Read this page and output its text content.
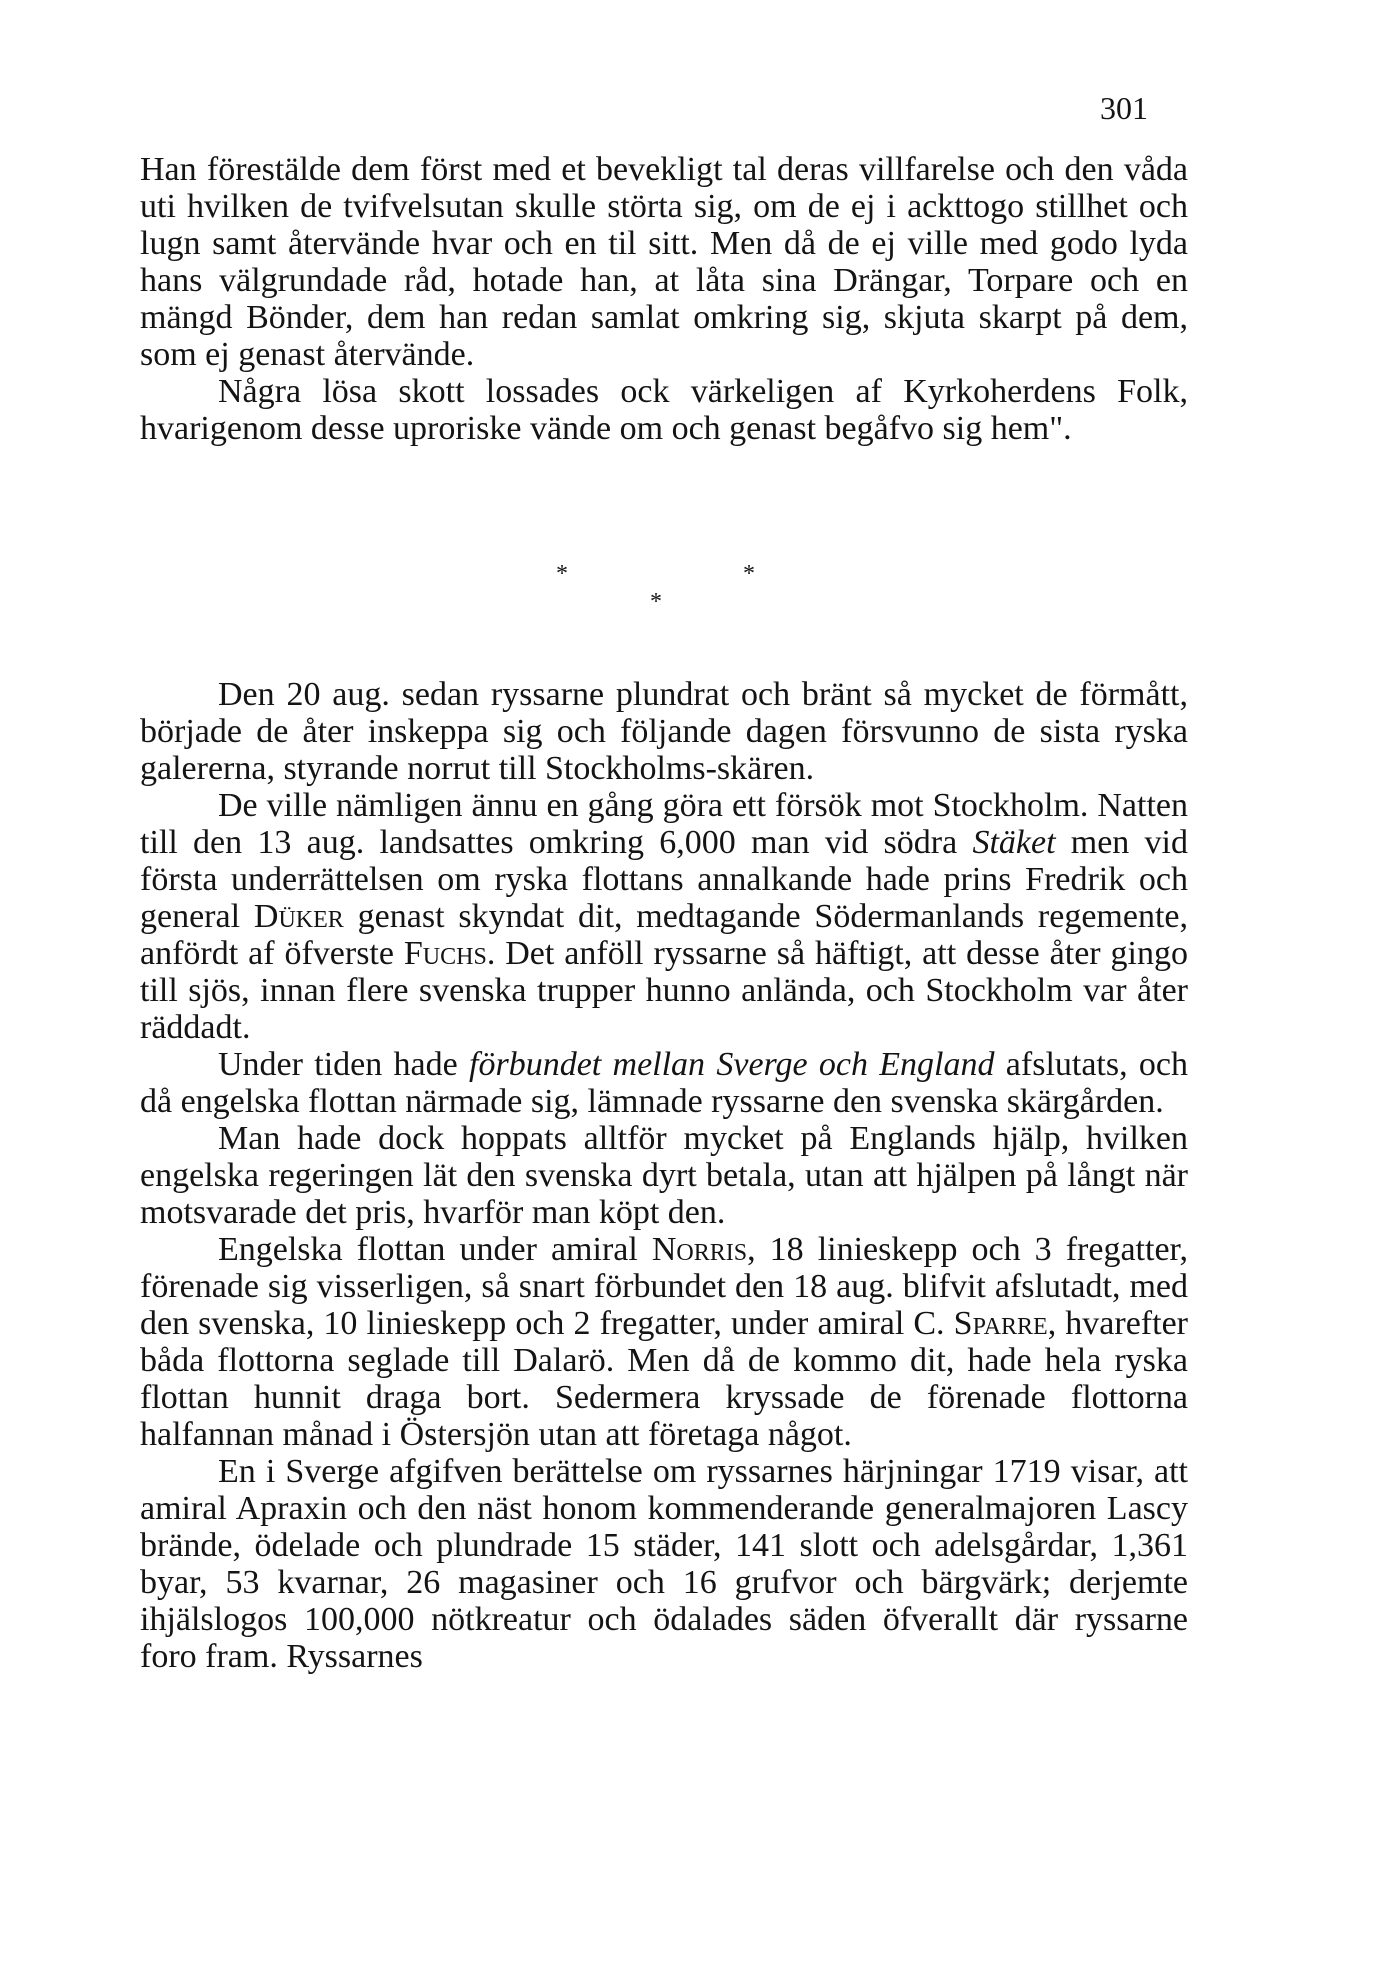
301

Han förestälde dem först med et bevekligt tal deras villfarelse och den våda uti hvilken de tvifvelsutan skulle störta sig, om de ej i ackttogo stillhet och lugn samt återvände hvar och en til sitt. Men då de ej ville med godo lyda hans välgrundade råd, hotade han, at låta sina Drängar, Torpare och en mängd Bönder, dem han redan samlat omkring sig, skjuta skarpt på dem, som ej genast återvände.

Några lösa skott lossades ock värkeligen af Kyrkoherdens Folk, hvarigenom desse uproriske vände om och genast begåfvo sig hem".

*	*
*

Den 20 aug. sedan ryssarne plundrat och bränt så mycket de förmått, började de åter inskeppa sig och följande dagen försvunno de sista ryska galererna, styrande norrut till Stockholms-skären.

De ville nämligen ännu en gång göra ett försök mot Stockholm. Natten till den 13 aug. landsattes omkring 6,000 man vid södra Stäket men vid första underrättelsen om ryska flottans annalkande hade prins Fredrik och general Düker genast skyndat dit, medtagande Södermanlands regemente, anfördt af öfverste Fuchs. Det anföll ryssarne så häftigt, att desse åter gingo till sjös, innan flere svenska trupper hunno anlända, och Stockholm var åter räddadt.

Under tiden hade förbundet mellan Sverge och England afslutats, och då engelska flottan närmade sig, lämnade ryssarne den svenska skärgården.

Man hade dock hoppats alltför mycket på Englands hjälp, hvilken engelska regeringen lät den svenska dyrt betala, utan att hjälpen på långt när motsvarade det pris, hvarför man köpt den.

Engelska flottan under amiral Norris, 18 linieskepp och 3 fregatter, förenade sig visserligen, så snart förbundet den 18 aug. blifvit afslutadt, med den svenska, 10 linieskepp och 2 fregatter, under amiral C. Sparre, hvarefter båda flottorna seglade till Dalarö. Men då de kommo dit, hade hela ryska flottan hunnit draga bort. Sedermera kryssade de förenade flottorna halfannan månad i Östersjön utan att företaga något.

En i Sverge afgifven berättelse om ryssarnes härjningar 1719 visar, att amiral Apraxin och den näst honom kommenderande generalmajoren Lascy brände, ödelade och plundrade 15 städer, 141 slott och adelsgårdar, 1,361 byar, 53 kvarnar, 26 magasiner och 16 grufvor och bärgvärk; derjemte ihjälslogos 100,000 nötkreatur och ödalades säden öfverallt där ryssarne foro fram. Ryssarnes
